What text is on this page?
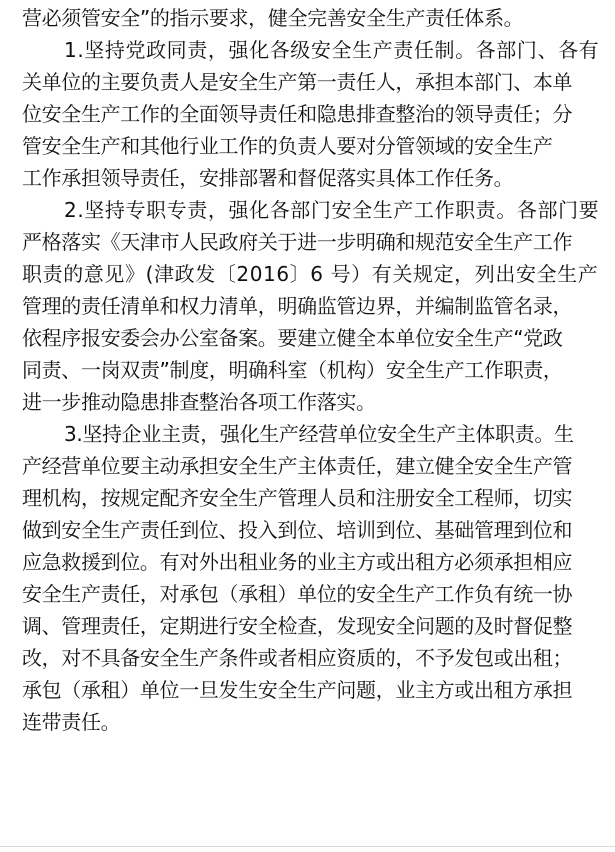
营必须管安全”的指示要求，健全完善安全生产责任体系。
1.坚持党政同责，强化各级安全生产责任制。各部门、各有
关单位的主要负责人是安全生产第一责任人，承担本部门、本单
位安全生产工作的全面领导责任和隐患排查整治的领导责任；分
管安全生产和其他行业工作的负责人要对分管领域的安全生产
工作承担领导责任，安排部署和督促落实具体工作任务。
2.坚持专职专责，强化各部门安全生产工作职责。各部门要
严格落实《天津市人民政府关于进一步明确和规范安全生产工作
职责的意见》(津政发〔2016〕6 号）有关规定，列出安全生产
管理的责任清单和权力清单，明确监管边界，并编制监管名录，
依程序报安委会办公室备案。要建立健全本单位安全生产“党政
同责、一岗双责”制度，明确科室（机构）安全生产工作职责，
进一步推动隐患排查整治各项工作落实。
3.坚持企业主责，强化生产经营单位安全生产主体职责。生
产经营单位要主动承担安全生产主体责任，建立健全安全生产管
理机构，按规定配齐安全生产管理人员和注册安全工程师，切实
做到安全生产责任到位、投入到位、培训到位、基础管理到位和
应急救援到位。有对外出租业务的业主方或出租方必须承担相应
安全生产责任，对承包（承租）单位的安全生产工作负有统一协
调、管理责任，定期进行安全检查，发现安全问题的及时督促整
改，对不具备安全生产条件或者相应资质的，不予发包或出租；
承包（承租）单位一旦发生安全生产问题，业主方或出租方承担
连带责任。
